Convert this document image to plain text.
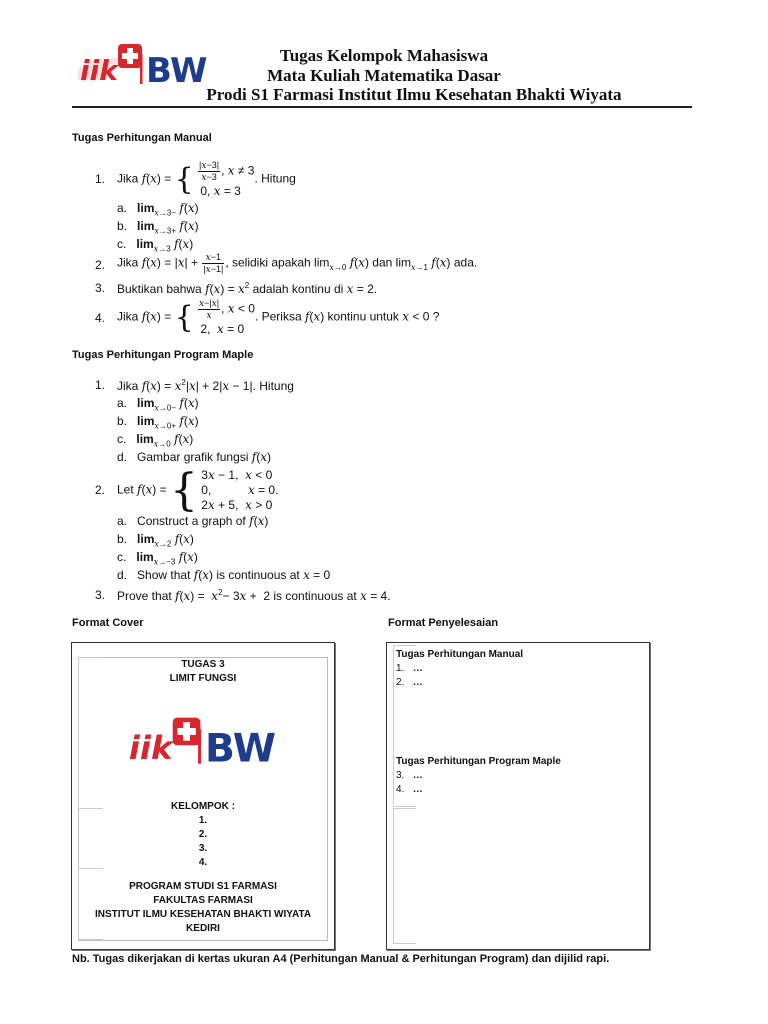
iik BW	Tugas Kelompok Mahasiswa
Mata Kuliah Matematika Dasar
Prodi S1 Farmasi Institut Ilmu Kesehatan Bhakti Wiyata
Tugas Perhitungan Manual
1. Jika f(x) = { $\frac{|x-3|}{x-3}$ , x ≠ 3
0, x = 3. Hitung
a. $\lim_{x\to 3-} f(x)$
b. $\lim_{x\to 3+} f(x)$
c. $\lim_{x\to 3} f(x)$
2. Jika $f(x) = |x| + \frac{x-1}{|x-1|}$ , selidiki apakah $\lim_{x\to 0} f(x)$ dan $\lim_{x\to 1} f(x)$ ada.
3. Buktikan bahwa $f(x) = x^2$ adalah kontinu di x = 2.
4. Jika f(x) = { $\frac{x-|x|}{x}$ , x < 0
2,  x = 0. Periksa f(x) kontinu untuk x < 0 ?
Tugas Perhitungan Program Maple
1. Jika $f(x) = x^2|x| + 2|x - 1|$. Hitung
a. $\lim_{x\to 0-} f(x)$
b. $\lim_{x\to 0+} f(x)$
c. $\lim_{x\to 0} f(x)$
d. Gambar grafik fungsi f(x)
2. Let f(x) = { 3x − 1,  x < 0
0,           x = 0.
2x + 5,  x > 0
a. Construct a graph of f(x)
b. $\lim_{x\to 2} f(x)$
c. $\lim_{x\to-3} f(x)$
d. Show that f(x) is continuous at x = 0
3. Prove that $f(x) = x^2- 3x + 2$ is continuous at x = 4.
Format Cover	Format Penyelesaian
TUGAS 3
LIMIT FUNGSI
iik BW
KELOMPOK :
1.
2.
3.
4.
PROGRAM STUDI S1 FARMASI
FAKULTAS FARMASI
INSTITUT ILMU KESEHATAN BHAKTI WIYATA
KEDIRI
Tugas Perhitungan Manual
1. …
2. …
Tugas Perhitungan Program Maple
3. …
4. …
Nb. Tugas dikerjakan di kertas ukuran A4 (Perhitungan Manual & Perhitungan Program) dan dijilid rapi.
